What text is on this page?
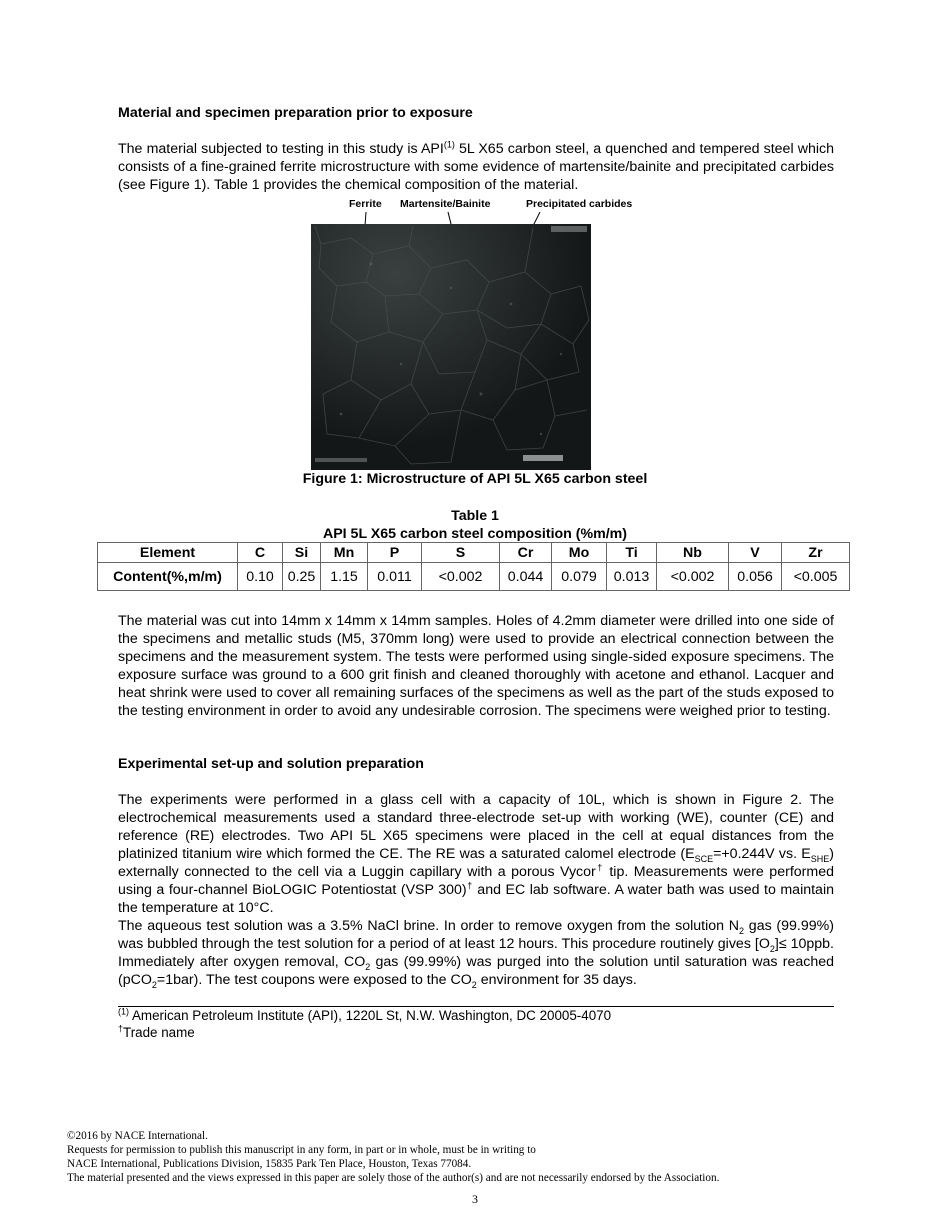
Material and specimen preparation prior to exposure
The material subjected to testing in this study is API$^{(1)}$ 5L X65 carbon steel, a quenched and tempered steel which consists of a fine-grained ferrite microstructure with some evidence of martensite/bainite and precipitated carbides (see Figure 1). Table 1 provides the chemical composition of the material.
Ferrite Martensite/Bainite	Precipitated carbides
Figure 1: Microstructure of API 5L X65 carbon steel
Table 1
API 5L X65 carbon steel composition (%m/m)
Element	C	Si	Mn	P	S	Cr	Mo	Ti	Nb	V	Zr
Content(%,m/m)	0.10	0.25	1.15	0.011	<0.002	0.044	0.079	0.013	<0.002	0.056	<0.005
The material was cut into 14mm x 14mm x 14mm samples. Holes of 4.2mm diameter were drilled into one side of the specimens and metallic studs (M5, 370mm long) were used to provide an electrical connection between the specimens and the measurement system. The tests were performed using single-sided exposure specimens. The exposure surface was ground to a 600 grit finish and cleaned thoroughly with acetone and ethanol. Lacquer and heat shrink were used to cover all remaining surfaces of the specimens as well as the part of the studs exposed to the testing environment in order to avoid any undesirable corrosion. The specimens were weighed prior to testing.
Experimental set-up and solution preparation
The experiments were performed in a glass cell with a capacity of 10L, which is shown in Figure 2. The electrochemical measurements used a standard three-electrode set-up with working (WE), counter (CE) and reference (RE) electrodes. Two API 5L X65 specimens were placed in the cell at equal distances from the platinized titanium wire which formed the CE. The RE was a saturated calomel electrode ($E_{SCE}=+0.244V$ vs. $E_{SHE}$) externally connected to the cell via a Luggin capillary with a porous Vycor† tip. Measurements were performed using a four-channel BioLOGIC Potentiostat (VSP 300)† and EC lab software. A water bath was used to maintain the temperature at 10°C.
The aqueous test solution was a 3.5% NaCl brine. In order to remove oxygen from the solution $N_2$ gas (99.99%) was bubbled through the test solution for a period of at least 12 hours. This procedure routinely gives $[O_2]\le 10ppb$. Immediately after oxygen removal, $CO_2$ gas (99.99%) was purged into the solution until saturation was reached (pCO$_2$=1bar). The test coupons were exposed to the $CO_2$ environment for 35 days.
$^{(1)}$ American Petroleum Institute (API), 1220L St, N.W. Washington, DC 20005-4070
†Trade name
©2016 by NACE International.
Requests for permission to publish this manuscript in any form, in part or in whole, must be in writing to
NACE International, Publications Division, 15835 Park Ten Place, Houston, Texas 77084.
The material presented and the views expressed in this paper are solely those of the author(s) and are not necessarily endorsed by the Association.
3
